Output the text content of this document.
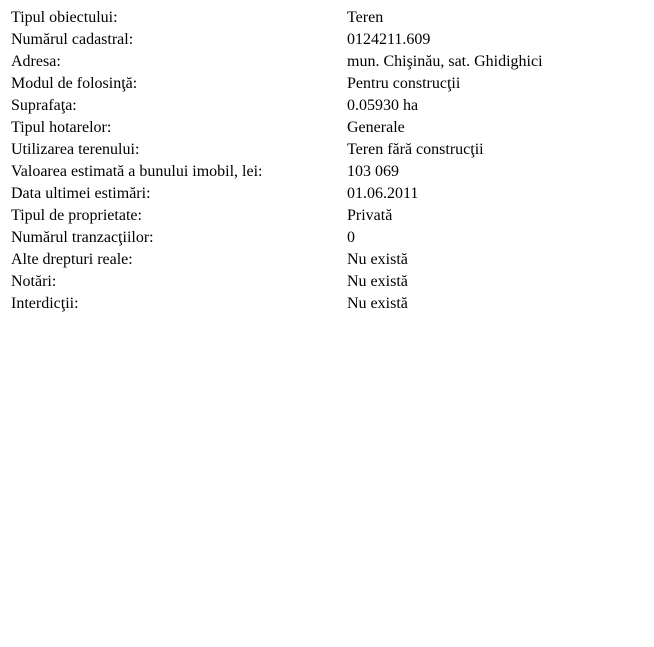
Tipul obiectului:	Teren
Numărul cadastral:	0124211.609
Adresa:	mun. Chişinău, sat. Ghidighici
Modul de folosinţă:	Pentru construcţii
Suprafaţa:	0.05930 ha
Tipul hotarelor:	Generale
Utilizarea terenului:	Teren fără construcţii
Valoarea estimată a bunului imobil, lei:	103 069
Data ultimei estimări:	01.06.2011
Tipul de proprietate:	Privată
Numărul tranzacţiilor:	0
Alte drepturi reale:	Nu există
Notări:	Nu există
Interdicţii:	Nu există
